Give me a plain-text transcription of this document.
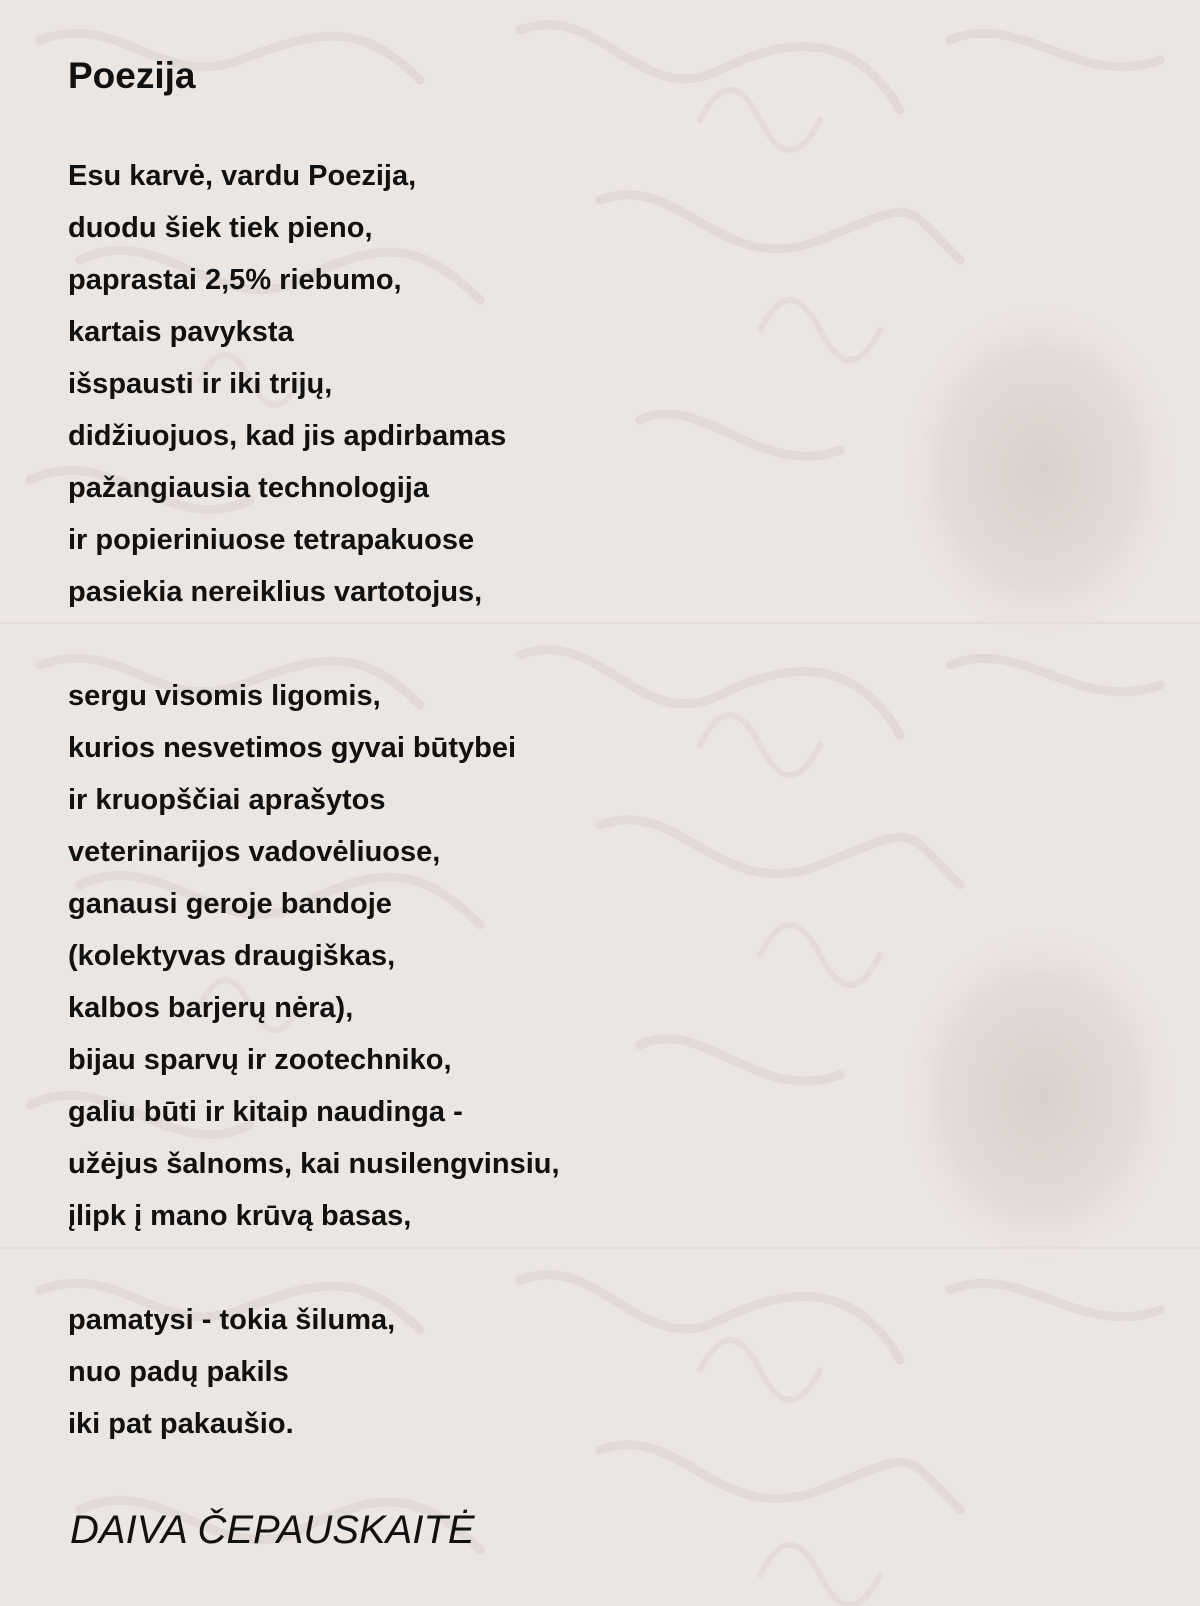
Poezija
Esu karvė, vardu Poezija,
duodu šiek tiek pieno,
paprastai 2,5% riebumo,
kartais pavyksta
išspausti ir iki trijų,
didžiuojuos, kad jis apdirbamas
pažangiausia technologija
ir popieriniuose tetrapakuose
pasiekia nereiklius vartotojus,
sergu visomis ligomis,
kurios nesvetimos gyvai būtybei
ir kruopščiai aprašytos
veterinarijos vadovėliuose,
ganausi geroje bandoje
(kolektyvas draugiškas,
kalbos barjerų nėra),
bijau sparvų ir zootechniko,
galiu būti ir kitaip naudinga -
užėjus šalnoms, kai nusilengvinsiu,
įlipk į mano krūvą basas,
pamatysi - tokia šiluma,
nuo padų pakils
iki pat pakaušio.
DAIVA ČEPAUSKAITĖ
